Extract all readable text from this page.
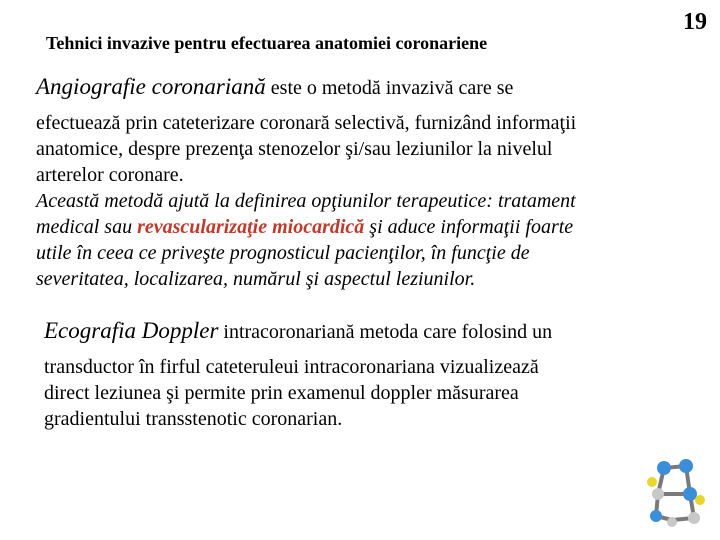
Tehnici invazive pentru efectuarea anatomiei coronariene
19
Angiografie coronariană este o metodă invazivă care se
efectuează prin cateterizare coronară selectivă, furnizând informaţii
anatomice, despre prezenţa stenozelor şi/sau leziunilor la nivelul
arterelor coronare.
Această metodă ajută la definirea opţiunilor terapeutice: tratament
medical sau revascularizaţie miocardică şi aduce informaţii foarte
utile în ceea ce priveşte prognosticul pacienţilor, în funcţie de
severitatea, localizarea, numărul şi aspectul leziunilor.
Ecografia Doppler intracoronariană metoda care folosind un
transductor în firful cateteruleui intracoronariana vizualizează
direct leziunea şi permite prin examenul doppler măsurarea
gradientului transstenotic coronarian.
